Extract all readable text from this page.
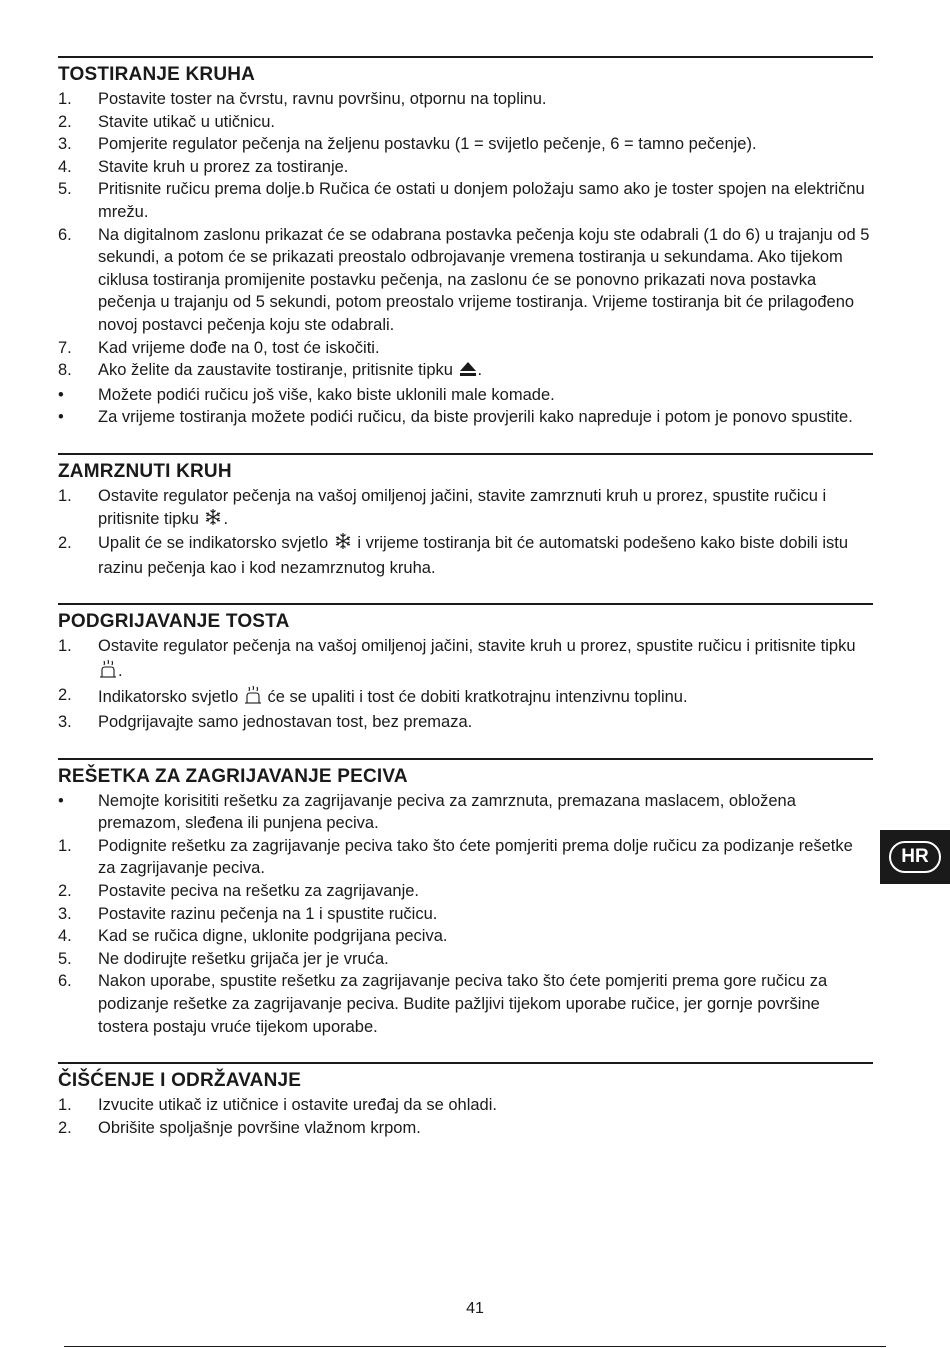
TOSTIRANJE KRUHA
1.	Postavite toster na čvrstu, ravnu površinu, otpornu na toplinu.
2.	Stavite utikač u utičnicu.
3.	Pomjerite regulator pečenja na željenu postavku (1 = svijetlo pečenje, 6 = tamno pečenje).
4.	Stavite kruh u prorez za tostiranje.
5.	Pritisnite ručicu prema dolje.b Ručica će ostati u donjem položaju samo ako je toster spojen na električnu mrežu.
6.	Na digitalnom zaslonu prikazat će se odabrana postavka pečenja koju ste odabrali (1 do 6) u trajanju od 5 sekundi, a potom će se prikazati preostalo odbrojavanje vremena tostiranja u sekundama. Ako tijekom ciklusa tostiranja promijenite postavku pečenja, na zaslonu će se ponovno prikazati nova postavka pečenja u trajanju od 5 sekundi, potom preostalo vrijeme tostiranja. Vrijeme tostiranja bit će prilagođeno novoj postavci pečenja koju ste odabrali.
7.	Kad vrijeme dođe na 0, tost će iskočiti.
8.	Ako želite da zaustavite tostiranje, pritisnite tipku .
•	Možete podići ručicu još više, kako biste uklonili male komade.
•	Za vrijeme tostiranja možete podići ručicu, da biste provjerili kako napreduje i potom je ponovo spustite.
ZAMRZNUTI KRUH
1.	Ostavite regulator pečenja na vašoj omiljenoj jačini, stavite zamrznuti kruh u prorez, spustite ručicu i pritisnite tipku .
2.	Upalit će se indikatorsko svjetlo  i vrijeme tostiranja bit će automatski podešeno kako biste dobili istu razinu pečenja kao i kod nezamrznutog kruha.
PODGRIJAVANJE TOSTA
1.	Ostavite regulator pečenja na vašoj omiljenoj jačini, stavite kruh u prorez, spustite ručicu i pritisnite tipku .
2.	Indikatorsko svjetlo  će se upaliti i tost će dobiti kratkotrajnu intenzivnu toplinu.
3.	Podgrijavajte samo jednostavan tost, bez premaza.
REŠETKA ZA ZAGRIJAVANJE PECIVA
•	Nemojte korisititi rešetku za zagrijavanje peciva za zamrznuta, premazana maslacem, obložena premazom, sleđena ili punjena peciva.
1.	Podignite rešetku za zagrijavanje peciva tako što ćete pomjeriti prema dolje ručicu za podizanje rešetke za zagrijavanje peciva.
2.	Postavite peciva na rešetku za zagrijavanje.
3.	Postavite razinu pečenja na 1 i spustite ručicu.
4.	Kad se ručica digne, uklonite podgrijana peciva.
5.	Ne dodirujte rešetku grijača jer je vruća.
6.	Nakon uporabe, spustite rešetku za zagrijavanje peciva tako što ćete pomjeriti prema gore ručicu za podizanje rešetke za zagrijavanje peciva. Budite pažljivi tijekom uporabe ručice, jer gornje površine tostera postaju vruće tijekom uporabe.
ČIŠĆENJE I ODRŽAVANJE
1.	Izvucite utikač iz utičnice i ostavite uređaj da se ohladi.
2.	Obrišite spoljašnje površine vlažnom krpom.
HR
41
